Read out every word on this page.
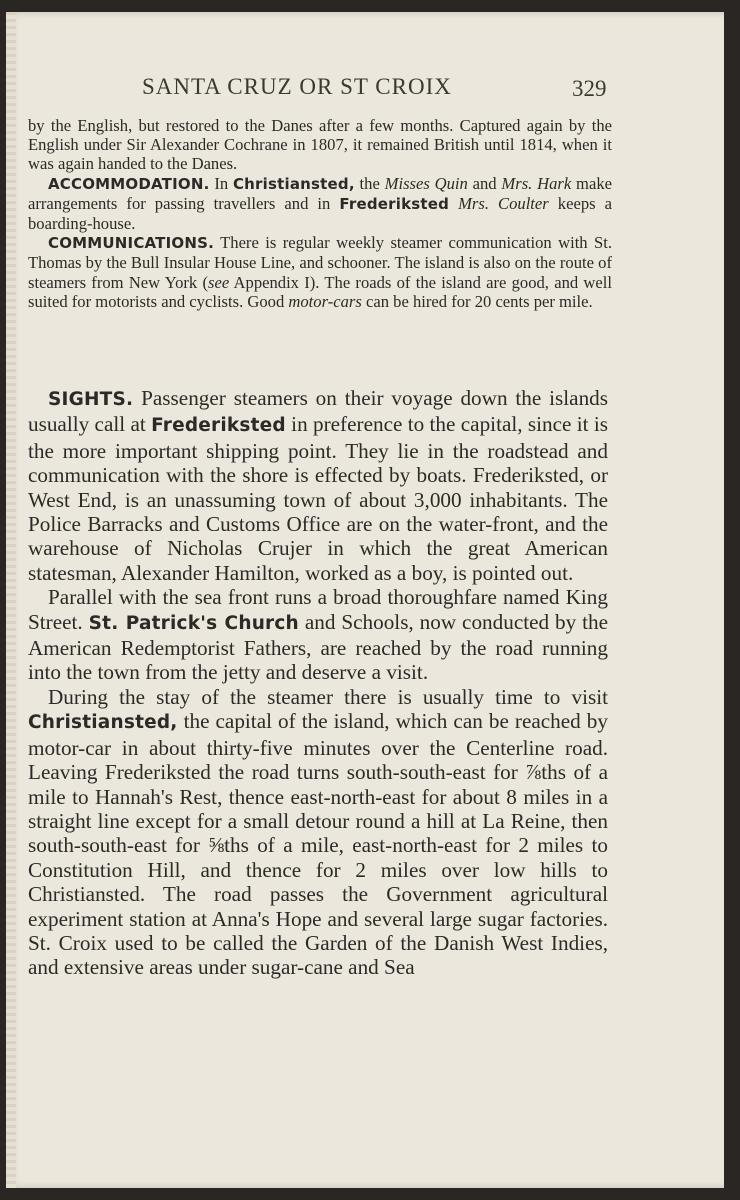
SANTA CRUZ OR ST CROIX	329

by the English, but restored to the Danes after a few months. Captured again by the English under Sir Alexander Cochrane in 1807, it remained British until 1814, when it was again handed to the Danes.

ACCOMMODATION. In Christiansted, the Misses Quin and Mrs. Hark make arrangements for passing travellers and in Frederiksted Mrs. Coulter keeps a boarding-house.

COMMUNICATIONS. There is regular weekly steamer communication with St. Thomas by the Bull Insular House Line, and schooner. The island is also on the route of steamers from New York (see Appendix I). The roads of the island are good, and well suited for motorists and cyclists. Good motor-cars can be hired for 20 cents per mile.

SIGHTS. Passenger steamers on their voyage down the islands usually call at Frederiksted in preference to the capital, since it is the more important shipping point. They lie in the roadstead and communication with the shore is effected by boats. Frederiksted, or West End, is an unassuming town of about 3,000 inhabitants. The Police Barracks and Customs Office are on the water-front, and the warehouse of Nicholas Crujer in which the great American statesman, Alexander Hamilton, worked as a boy, is pointed out.

Parallel with the sea front runs a broad thoroughfare named King Street. St. Patrick's Church and Schools, now conducted by the American Redemptorist Fathers, are reached by the road running into the town from the jetty and deserve a visit.

During the stay of the steamer there is usually time to visit Christiansted, the capital of the island, which can be reached by motor-car in about thirty-five minutes over the Centerline road. Leaving Frederiksted the road turns south-south-east for ⅞ths of a mile to Hannah's Rest, thence east-north-east for about 8 miles in a straight line except for a small detour round a hill at La Reine, then south-south-east for ⅝ths of a mile, east-north-east for 2 miles to Constitution Hill, and thence for 2 miles over low hills to Christiansted. The road passes the Government agricultural experiment station at Anna's Hope and several large sugar factories. St. Croix used to be called the Garden of the Danish West Indies, and extensive areas under sugar-cane and Sea
